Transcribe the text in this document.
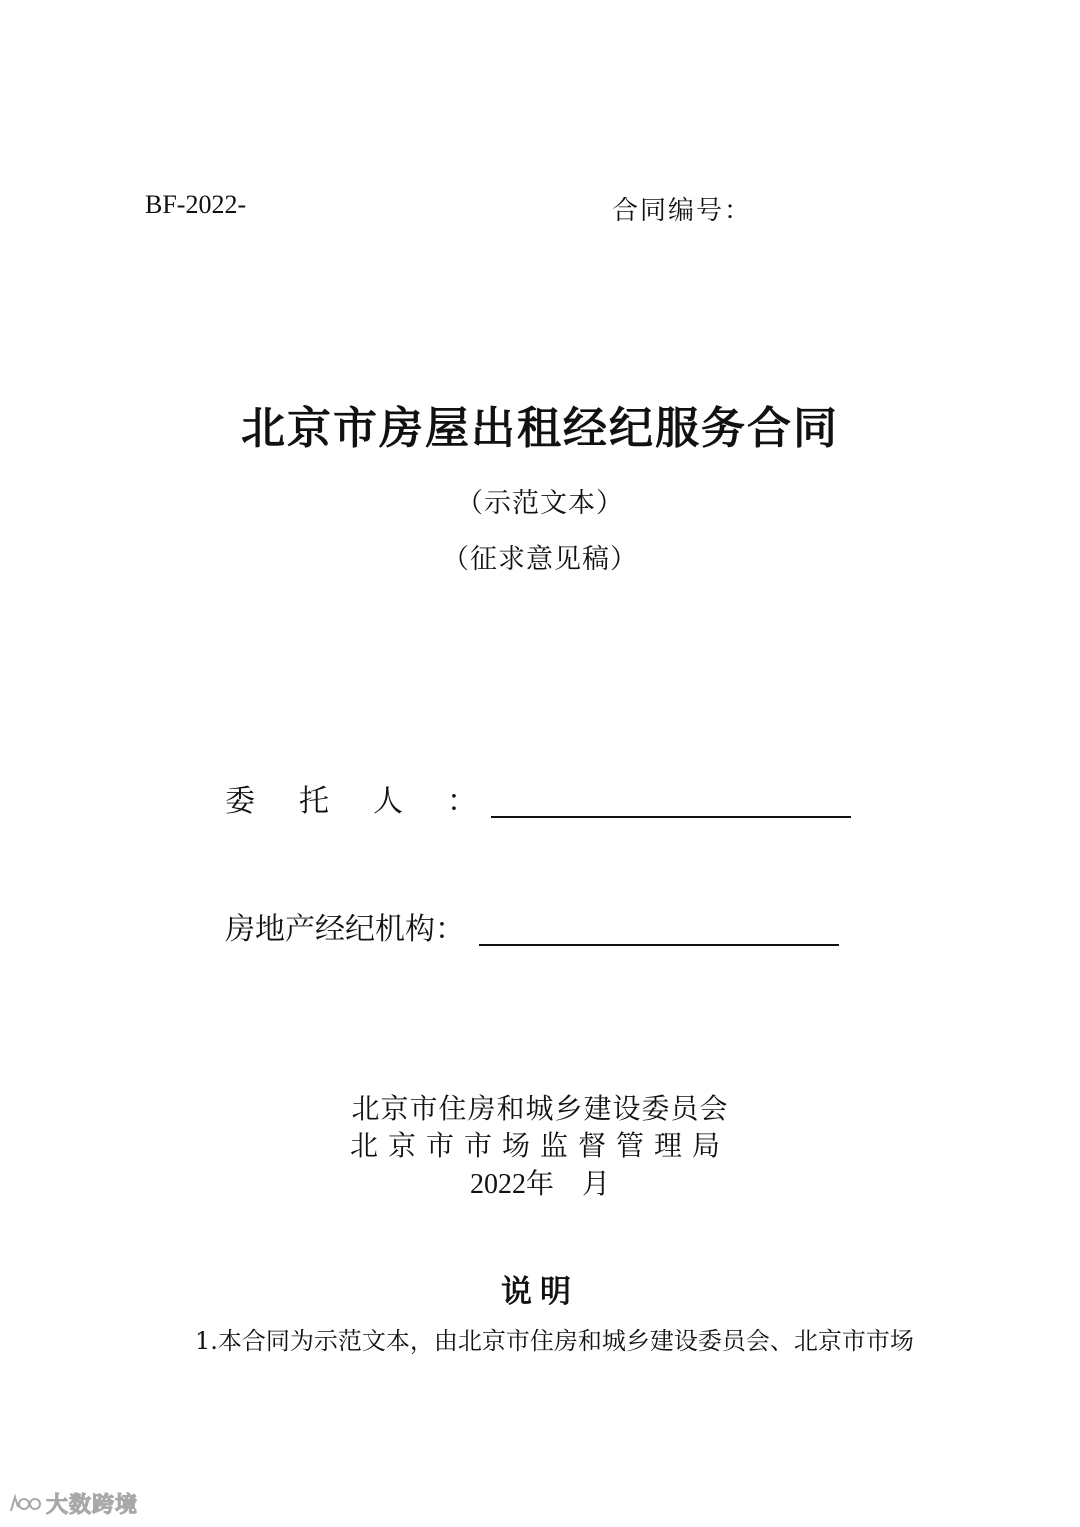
BF-2022-	合同编号：
北京市房屋出租经纪服务合同
（示范文本）
（征求意见稿）
委托人 ：
房地产经纪机构 ：
北京市住房和城乡建设委员会
北京市市场监督管理局
2022年　月
说明
1.本合同为示范文本，由北京市住房和城乡建设委员会、北京市市场
大数跨境
